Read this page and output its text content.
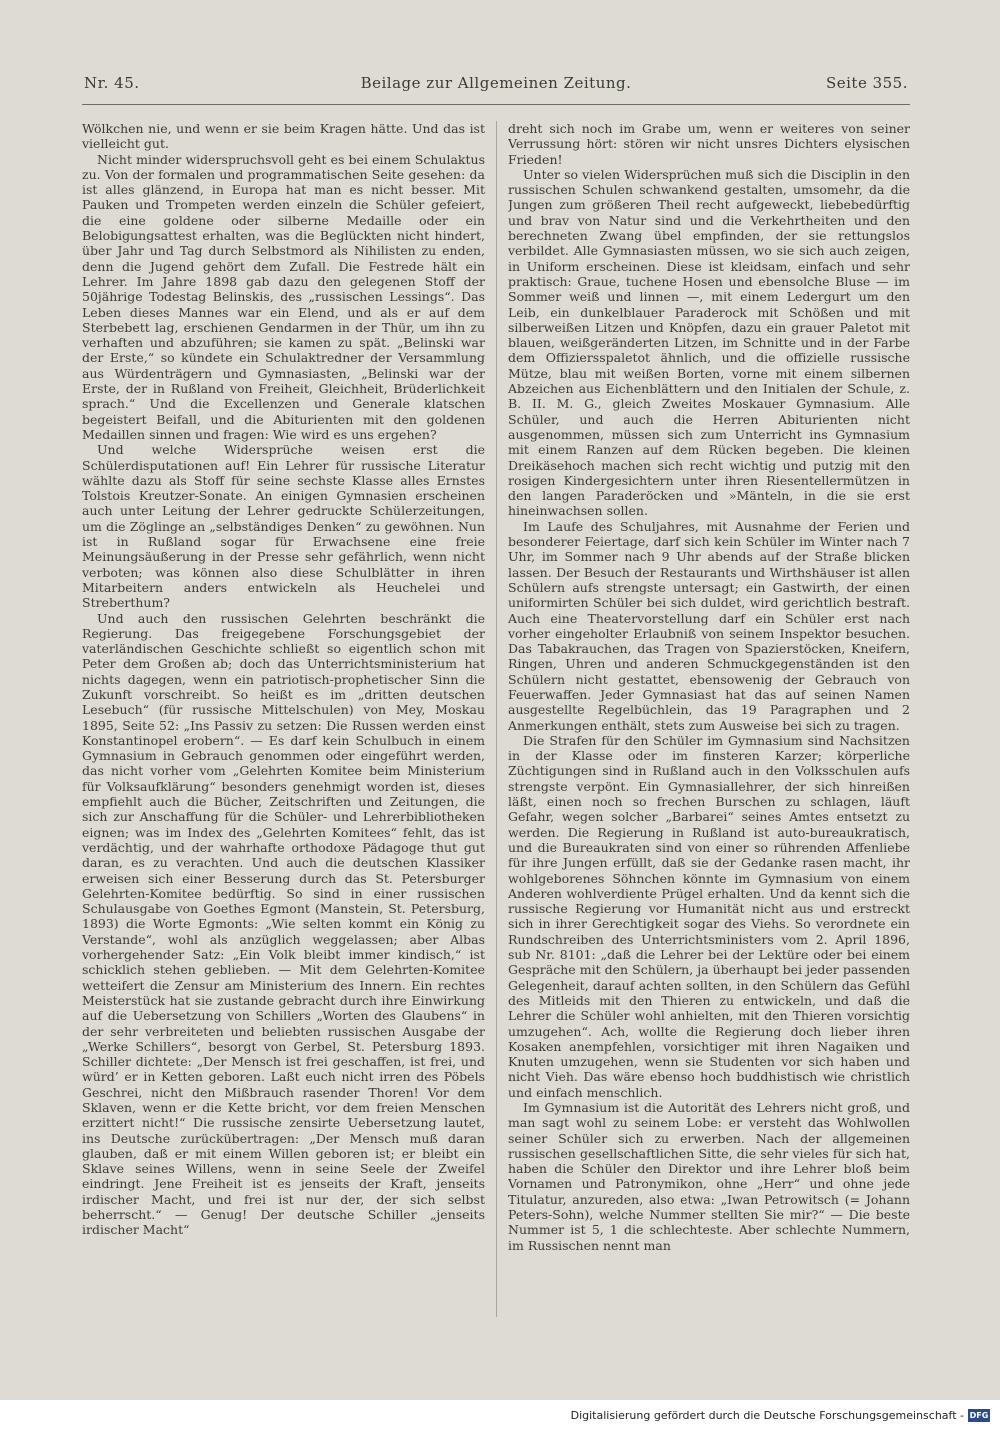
Nr. 45.	Beilage zur Allgemeinen Zeitung.	Seite 355.

Wölkchen nie, und wenn er sie beim Kragen hätte. Und das ist vielleicht gut.

Nicht minder widerspruchsvoll geht es bei einem Schulaktus zu. Von der formalen und programmatischen Seite gesehen: da ist alles glänzend, in Europa hat man es nicht besser. Mit Pauken und Trompeten werden einzeln die Schüler gefeiert, die eine goldene oder silberne Medaille oder ein Belobigungsattest erhalten, was die Beglückten nicht hindert, über Jahr und Tag durch Selbstmord als Nihilisten zu enden, denn die Jugend gehört dem Zufall. Die Festrede hält ein Lehrer. Im Jahre 1898 gab dazu den gelegenen Stoff der 50jährige Todestag Belinskis, des „russischen Lessings“. Das Leben dieses Mannes war ein Elend, und als er auf dem Sterbebett lag, erschienen Gendarmen in der Thür, um ihn zu verhaften und abzuführen; sie kamen zu spät. „Belinski war der Erste,“ so kündete ein Schulaktredner der Versammlung aus Würdenträgern und Gymnasiasten, „Belinski war der Erste, der in Rußland von Freiheit, Gleichheit, Brüderlichkeit sprach.“ Und die Excellenzen und Generale klatschen begeistert Beifall, und die Abiturienten mit den goldenen Medaillen sinnen und fragen: Wie wird es uns ergehen?

Und welche Widersprüche weisen erst die Schülerdisputationen auf! Ein Lehrer für russische Literatur wählte dazu als Stoff für seine sechste Klasse alles Ernstes Tolstois Kreutzer-Sonate. An einigen Gymnasien erscheinen auch unter Leitung der Lehrer gedruckte Schülerzeitungen, um die Zöglinge an „selbständiges Denken“ zu gewöhnen. Nun ist in Rußland sogar für Erwachsene eine freie Meinungsäußerung in der Presse sehr gefährlich, wenn nicht verboten; was können also diese Schulblätter in ihren Mitarbeitern anders entwickeln als Heuchelei und Streberthum?

Und auch den russischen Gelehrten beschränkt die Regierung. Das freigegebene Forschungsgebiet der vaterländischen Geschichte schließt so eigentlich schon mit Peter dem Großen ab; doch das Unterrichtsministerium hat nichts dagegen, wenn ein patriotisch-prophetischer Sinn die Zukunft vorschreibt. So heißt es im „dritten deutschen Lesebuch“ (für russische Mittelschulen) von Mey, Moskau 1895, Seite 52: „Ins Passiv zu setzen: Die Russen werden einst Konstantinopel erobern“. — Es darf kein Schulbuch in einem Gymnasium in Gebrauch genommen oder eingeführt werden, das nicht vorher vom „Gelehrten Komitee beim Ministerium für Volksaufklärung“ besonders genehmigt worden ist, dieses empfiehlt auch die Bücher, Zeitschriften und Zeitungen, die sich zur Anschaffung für die Schüler- und Lehrerbibliotheken eignen; was im Index des „Gelehrten Komitees“ fehlt, das ist verdächtig, und der wahrhafte orthodoxe Pädagoge thut gut daran, es zu verachten. Und auch die deutschen Klassiker erweisen sich einer Besserung durch das St. Petersburger Gelehrten-Komitee bedürftig. So sind in einer russischen Schulausgabe von Goethes Egmont (Manstein, St. Petersburg, 1893) die Worte Egmonts: „Wie selten kommt ein König zu Verstande“, wohl als anzüglich weggelassen; aber Albas vorhergehender Satz: „Ein Volk bleibt immer kindisch,“ ist schicklich stehen geblieben. — Mit dem Gelehrten-Komitee wetteifert die Zensur am Ministerium des Innern. Ein rechtes Meisterstück hat sie zustande gebracht durch ihre Einwirkung auf die Uebersetzung von Schillers „Worten des Glaubens“ in der sehr verbreiteten und beliebten russischen Ausgabe der „Werke Schillers“, besorgt von Gerbel, St. Petersburg 1893. Schiller dichtete: „Der Mensch ist frei geschaffen, ist frei, und würd’ er in Ketten geboren. Laßt euch nicht irren des Pöbels Geschrei, nicht den Mißbrauch rasender Thoren! Vor dem Sklaven, wenn er die Kette bricht, vor dem freien Menschen erzittert nicht!“ Die russische zensirte Uebersetzung lautet, ins Deutsche zurückübertragen: „Der Mensch muß daran glauben, daß er mit einem Willen geboren ist; er bleibt ein Sklave seines Willens, wenn in seine Seele der Zweifel eindringt. Jene Freiheit ist es jenseits der Kraft, jenseits irdischer Macht, und frei ist nur der, der sich selbst beherrscht.“ — Genug! Der deutsche Schiller „jenseits irdischer Macht“

dreht sich noch im Grabe um, wenn er weiteres von seiner Verrussung hört: stören wir nicht unsres Dichters elysischen Frieden!

Unter so vielen Widersprüchen muß sich die Disciplin in den russischen Schulen schwankend gestalten, umsomehr, da die Jungen zum größeren Theil recht aufgeweckt, liebebedürftig und brav von Natur sind und die Verkehrtheiten und den berechneten Zwang übel empfinden, der sie rettungslos verbildet. Alle Gymnasiasten müssen, wo sie sich auch zeigen, in Uniform erscheinen. Diese ist kleidsam, einfach und sehr praktisch: Graue, tuchene Hosen und ebensolche Bluse — im Sommer weiß und linnen —, mit einem Ledergurt um den Leib, ein dunkelblauer Paraderock mit Schößen und mit silberweißen Litzen und Knöpfen, dazu ein grauer Paletot mit blauen, weißgeränderten Litzen, im Schnitte und in der Farbe dem Offiziersspaletot ähnlich, und die offizielle russische Mütze, blau mit weißen Borten, vorne mit einem silbernen Abzeichen aus Eichenblättern und den Initialen der Schule, z. B. II. M. G., gleich Zweites Moskauer Gymnasium. Alle Schüler, und auch die Herren Abiturienten nicht ausgenommen, müssen sich zum Unterricht ins Gymnasium mit einem Ranzen auf dem Rücken begeben. Die kleinen Dreikäsehoch machen sich recht wichtig und putzig mit den rosigen Kindergesichtern unter ihren Riesentellermützen in den langen Paraderöcken und »Mänteln, in die sie erst hineinwachsen sollen.

Im Laufe des Schuljahres, mit Ausnahme der Ferien und besonderer Feiertage, darf sich kein Schüler im Winter nach 7 Uhr, im Sommer nach 9 Uhr abends auf der Straße blicken lassen. Der Besuch der Restaurants und Wirthshäuser ist allen Schülern aufs strengste untersagt; ein Gastwirth, der einen uniformirten Schüler bei sich duldet, wird gerichtlich bestraft. Auch eine Theatervorstellung darf ein Schüler erst nach vorher eingeholter Erlaubniß von seinem Inspektor besuchen. Das Tabakrauchen, das Tragen von Spazierstöcken, Kneifern, Ringen, Uhren und anderen Schmuckgegenständen ist den Schülern nicht gestattet, ebensowenig der Gebrauch von Feuerwaffen. Jeder Gymnasiast hat das auf seinen Namen ausgestellte Regelbüchlein, das 19 Paragraphen und 2 Anmerkungen enthält, stets zum Ausweise bei sich zu tragen.

Die Strafen für den Schüler im Gymnasium sind Nachsitzen in der Klasse oder im finsteren Karzer; körperliche Züchtigungen sind in Rußland auch in den Volksschulen aufs strengste verpönt. Ein Gymnasiallehrer, der sich hinreißen läßt, einen noch so frechen Burschen zu schlagen, läuft Gefahr, wegen solcher „Barbarei“ seines Amtes entsetzt zu werden. Die Regierung in Rußland ist auto-bureaukratisch, und die Bureaukraten sind von einer so rührenden Affenliebe für ihre Jungen erfüllt, daß sie der Gedanke rasen macht, ihr wohlgeborenes Söhnchen könnte im Gymnasium von einem Anderen wohlverdiente Prügel erhalten. Und da kennt sich die russische Regierung vor Humanität nicht aus und erstreckt sich in ihrer Gerechtigkeit sogar des Viehs. So verordnete ein Rundschreiben des Unterrichtsministers vom 2. April 1896, sub Nr. 8101: „daß die Lehrer bei der Lektüre oder bei einem Gespräche mit den Schülern, ja überhaupt bei jeder passenden Gelegenheit, darauf achten sollten, in den Schülern das Gefühl des Mitleids mit den Thieren zu entwickeln, und daß die Lehrer die Schüler wohl anhielten, mit den Thieren vorsichtig umzugehen“. Ach, wollte die Regierung doch lieber ihren Kosaken anempfehlen, vorsichtiger mit ihren Nagaiken und Knuten umzugehen, wenn sie Studenten vor sich haben und nicht Vieh. Das wäre ebenso hoch buddhistisch wie christlich und einfach menschlich.

Im Gymnasium ist die Autorität des Lehrers nicht groß, und man sagt wohl zu seinem Lobe: er versteht das Wohlwollen seiner Schüler sich zu erwerben. Nach der allgemeinen russischen gesellschaftlichen Sitte, die sehr vieles für sich hat, haben die Schüler den Direktor und ihre Lehrer bloß beim Vornamen und Patronymikon, ohne „Herr“ und ohne jede Titulatur, anzureden, also etwa: „Iwan Petrowitsch (= Johann Peters-Sohn), welche Nummer stellten Sie mir?“ — Die beste Nummer ist 5, 1 die schlechteste. Aber schlechte Nummern, im Russischen nennt man

Digitalisierung gefördert durch die Deutsche Forschungsgemeinschaft - DFG
